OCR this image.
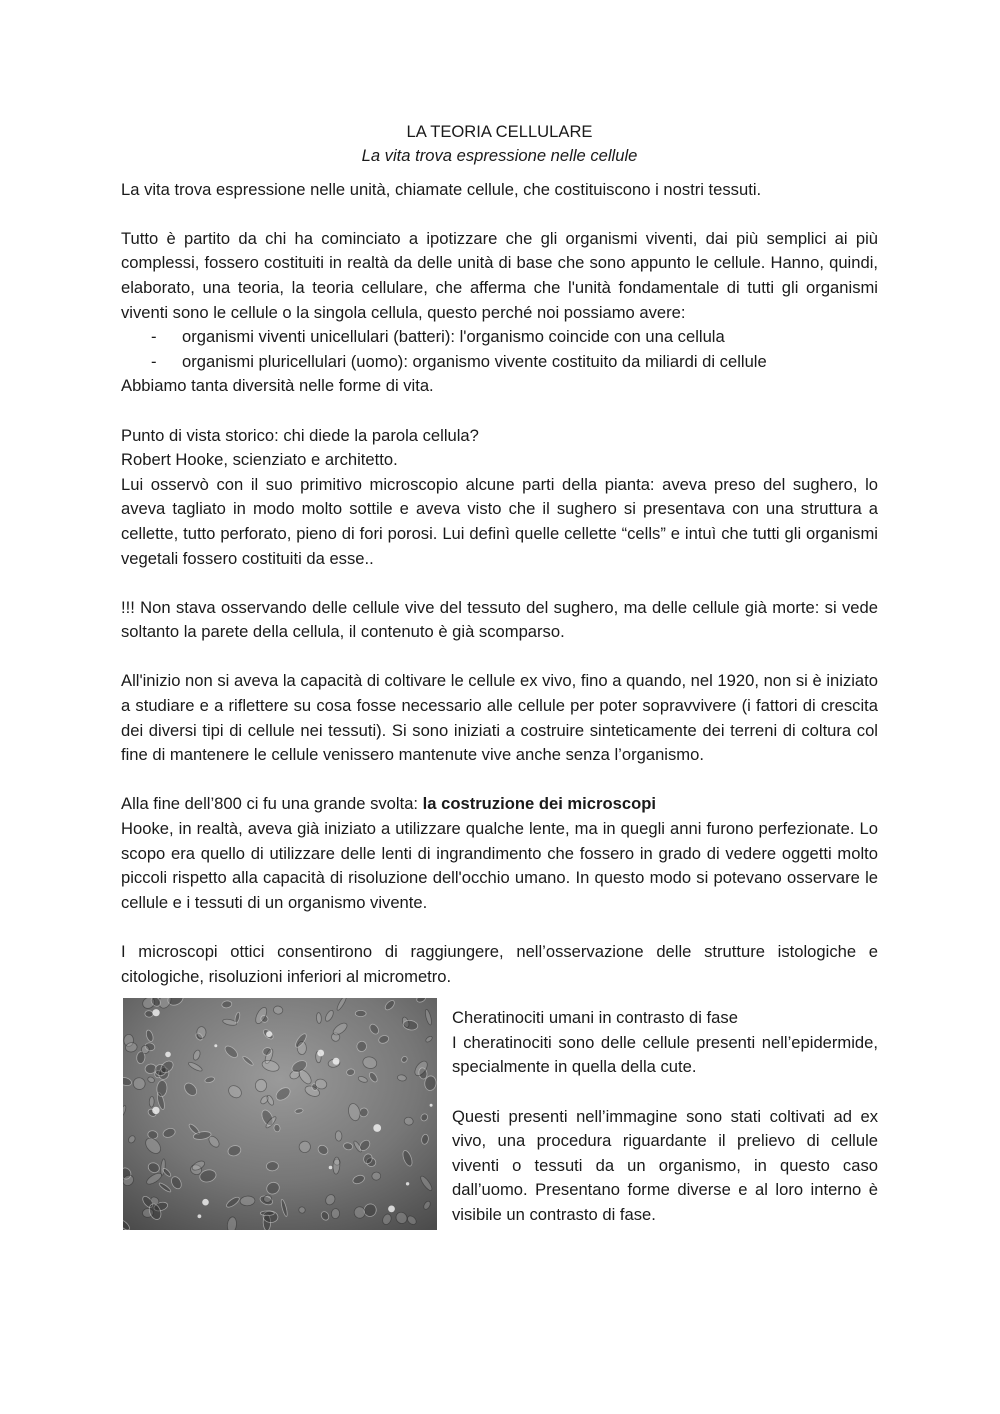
LA TEORIA CELLULARE

La vita trova espressione nelle cellule

La vita trova espressione nelle unità, chiamate cellule, che costituiscono i nostri tessuti.

Tutto è partito da chi ha cominciato a ipotizzare che gli organismi viventi, dai più semplici ai più complessi, fossero costituiti in realtà da delle unità di base che sono appunto le cellule. Hanno, quindi, elaborato, una teoria, la teoria cellulare, che afferma che l'unità fondamentale di tutti gli organismi viventi sono le cellule o la singola cellula, questo perché noi possiamo avere:

- organismi viventi unicellulari (batteri): l'organismo coincide con una cellula
- organismi pluricellulari (uomo): organismo vivente costituito da miliardi di cellule

Abbiamo tanta diversità nelle forme di vita.

Punto di vista storico: chi diede la parola cellula?

Robert Hooke, scienziato e architetto.

Lui osservò con il suo primitivo microscopio alcune parti della pianta: aveva preso del sughero, lo aveva tagliato in modo molto sottile e aveva visto che il sughero si presentava con una struttura a cellette, tutto perforato, pieno di fori porosi. Lui definì quelle cellette “cells” e intuì che tutti gli organismi vegetali fossero costituiti da esse..

!!! Non stava osservando delle cellule vive del tessuto del sughero, ma delle cellule già morte: si vede soltanto la parete della cellula, il contenuto è già scomparso.

All'inizio non si aveva la capacità di coltivare le cellule ex vivo, fino a quando, nel 1920, non si è iniziato a studiare e a riflettere su cosa fosse necessario alle cellule per poter sopravvivere (i fattori di crescita dei diversi tipi di cellule nei tessuti). Si sono iniziati a costruire sinteticamente dei terreni di coltura col fine di mantenere le cellule venissero mantenute vive anche senza l’organismo.

Alla fine dell’800 ci fu una grande svolta: la costruzione dei microscopi

Hooke, in realtà, aveva già iniziato a utilizzare qualche lente, ma in quegli anni furono perfezionate. Lo scopo era quello di utilizzare delle lenti di ingrandimento che fossero in grado di vedere oggetti molto piccoli rispetto alla capacità di risoluzione dell'occhio umano. In questo modo si potevano osservare le cellule e i tessuti di un organismo vivente.

I microscopi ottici consentirono di raggiungere, nell’osservazione delle strutture istologiche e citologiche, risoluzioni inferiori al micrometro.

Cheratinociti umani in contrasto di fase

I cheratinociti sono delle cellule presenti nell’epidermide, specialmente in quella della cute.

Questi presenti nell’immagine sono stati coltivati ad ex vivo, una procedura riguardante il prelievo di cellule viventi o tessuti da un organismo, in questo caso dall’uomo. Presentano forme diverse e al loro interno è visibile un contrasto di fase.
